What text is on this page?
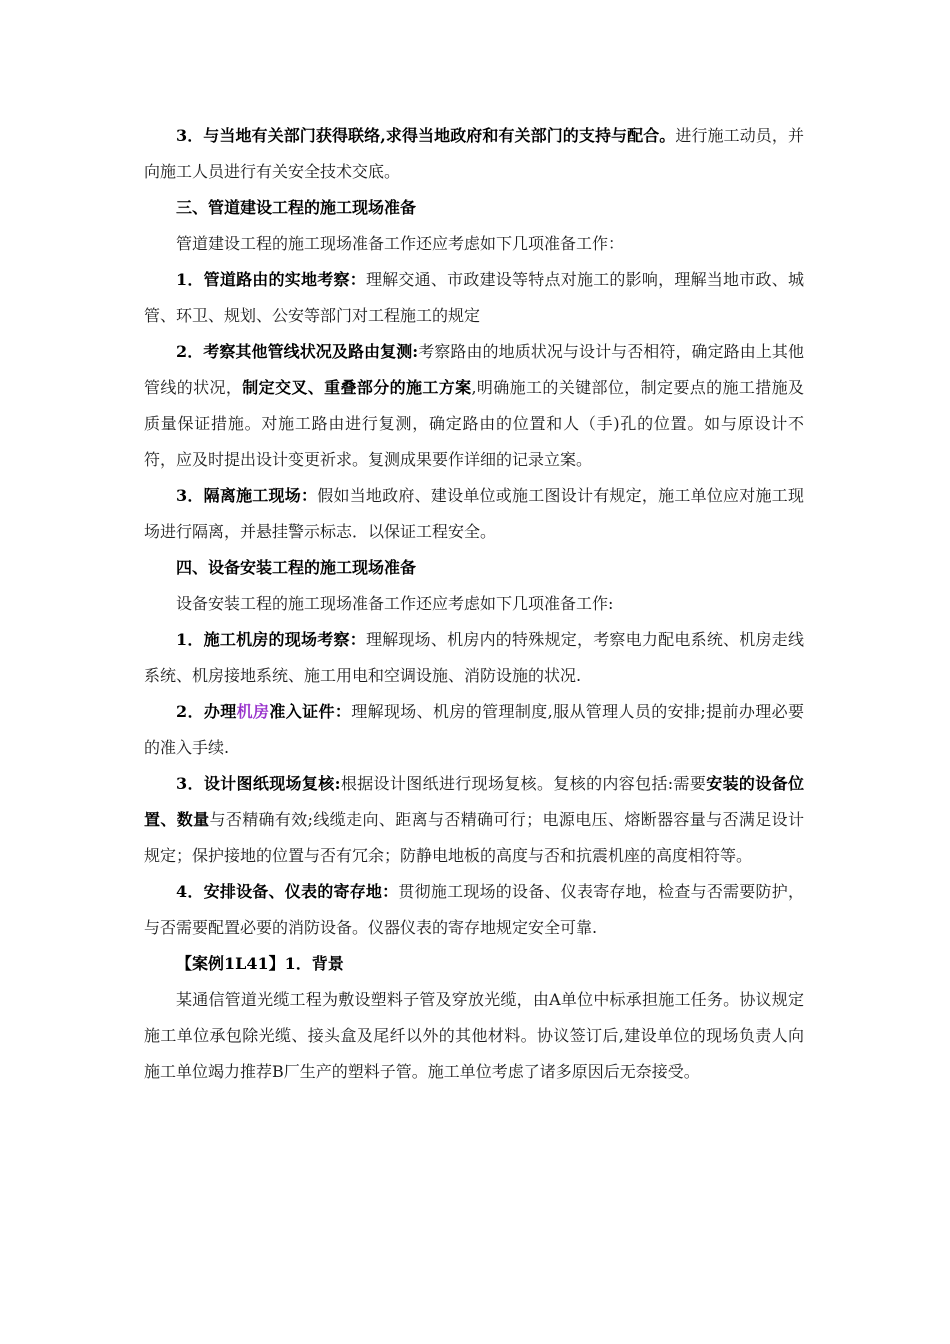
3．与当地有关部门获得联络,求得当地政府和有关部门的支持与配合。进行施工动员，并向施工人员进行有关安全技术交底。

三、管道建设工程的施工现场准备

管道建设工程的施工现场准备工作还应考虑如下几项准备工作：

1．管道路由的实地考察：理解交通、市政建设等特点对施工的影响，理解当地市政、城管、环卫、规划、公安等部门对工程施工的规定

2．考察其他管线状况及路由复测:考察路由的地质状况与设计与否相符，确定路由上其他管线的状况，制定交叉、重叠部分的施工方案,明确施工的关键部位，制定要点的施工措施及质量保证措施。对施工路由进行复测，确定路由的位置和人（手)孔的位置。如与原设计不符，应及时提出设计变更祈求。复测成果要作详细的记录立案。

3．隔离施工现场：假如当地政府、建设单位或施工图设计有规定，施工单位应对施工现场进行隔离，并悬挂警示标志．以保证工程安全。

四、设备安装工程的施工现场准备

设备安装工程的施工现场准备工作还应考虑如下几项准备工作:

1．施工机房的现场考察：理解现场、机房内的特殊规定，考察电力配电系统、机房走线系统、机房接地系统、施工用电和空调设施、消防设施的状况.

2．办理机房准入证件：理解现场、机房的管理制度,服从管理人员的安排;提前办理必要的准入手续.

3．设计图纸现场复核:根据设计图纸进行现场复核。复核的内容包括:需要安装的设备位置、数量与否精确有效;线缆走向、距离与否精确可行；电源电压、熔断器容量与否满足设计规定；保护接地的位置与否有冗余；防静电地板的高度与否和抗震机座的高度相符等。

4．安排设备、仪表的寄存地：贯彻施工现场的设备、仪表寄存地，检查与否需要防护，与否需要配置必要的消防设备。仪器仪表的寄存地规定安全可靠.

【案例1L41】1．背景

某通信管道光缆工程为敷设塑料子管及穿放光缆，由A单位中标承担施工任务。协议规定施工单位承包除光缆、接头盒及尾纤以外的其他材料。协议签订后,建设单位的现场负责人向施工单位竭力推荐B厂生产的塑料子管。施工单位考虑了诸多原因后无奈接受。
